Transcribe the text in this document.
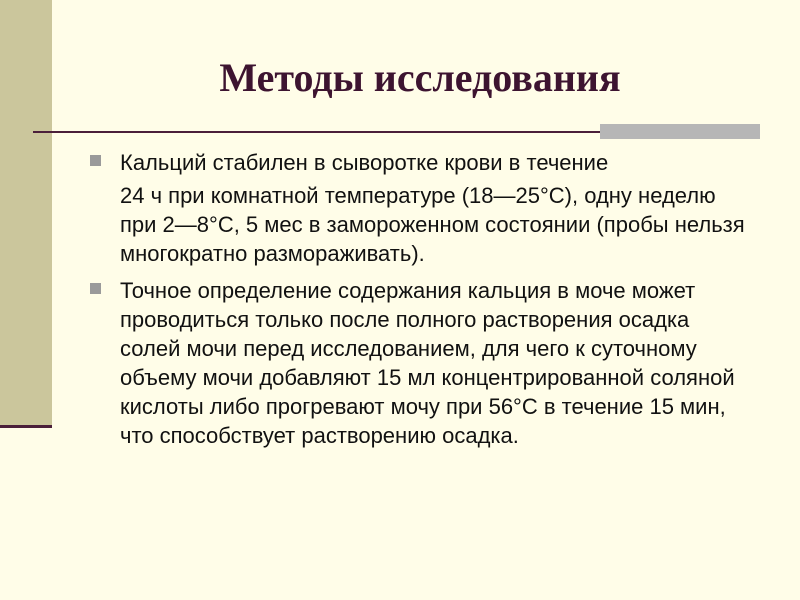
Методы исследования
Кальций стабилен в сыворотке крови в течение
24 ч при комнатной температуре (18—25°С), одну неделю при 2—8°С, 5 мес в замороженном состоянии (пробы нельзя многократно размораживать).
Точное определение содержания кальция в моче может проводиться только после полного растворения осадка солей мочи перед исследованием, для чего к суточному объему мочи добавляют 15 мл концентрированной соляной кислоты либо прогревают мочу при 56°С в течение 15 мин, что способствует растворению осадка.
